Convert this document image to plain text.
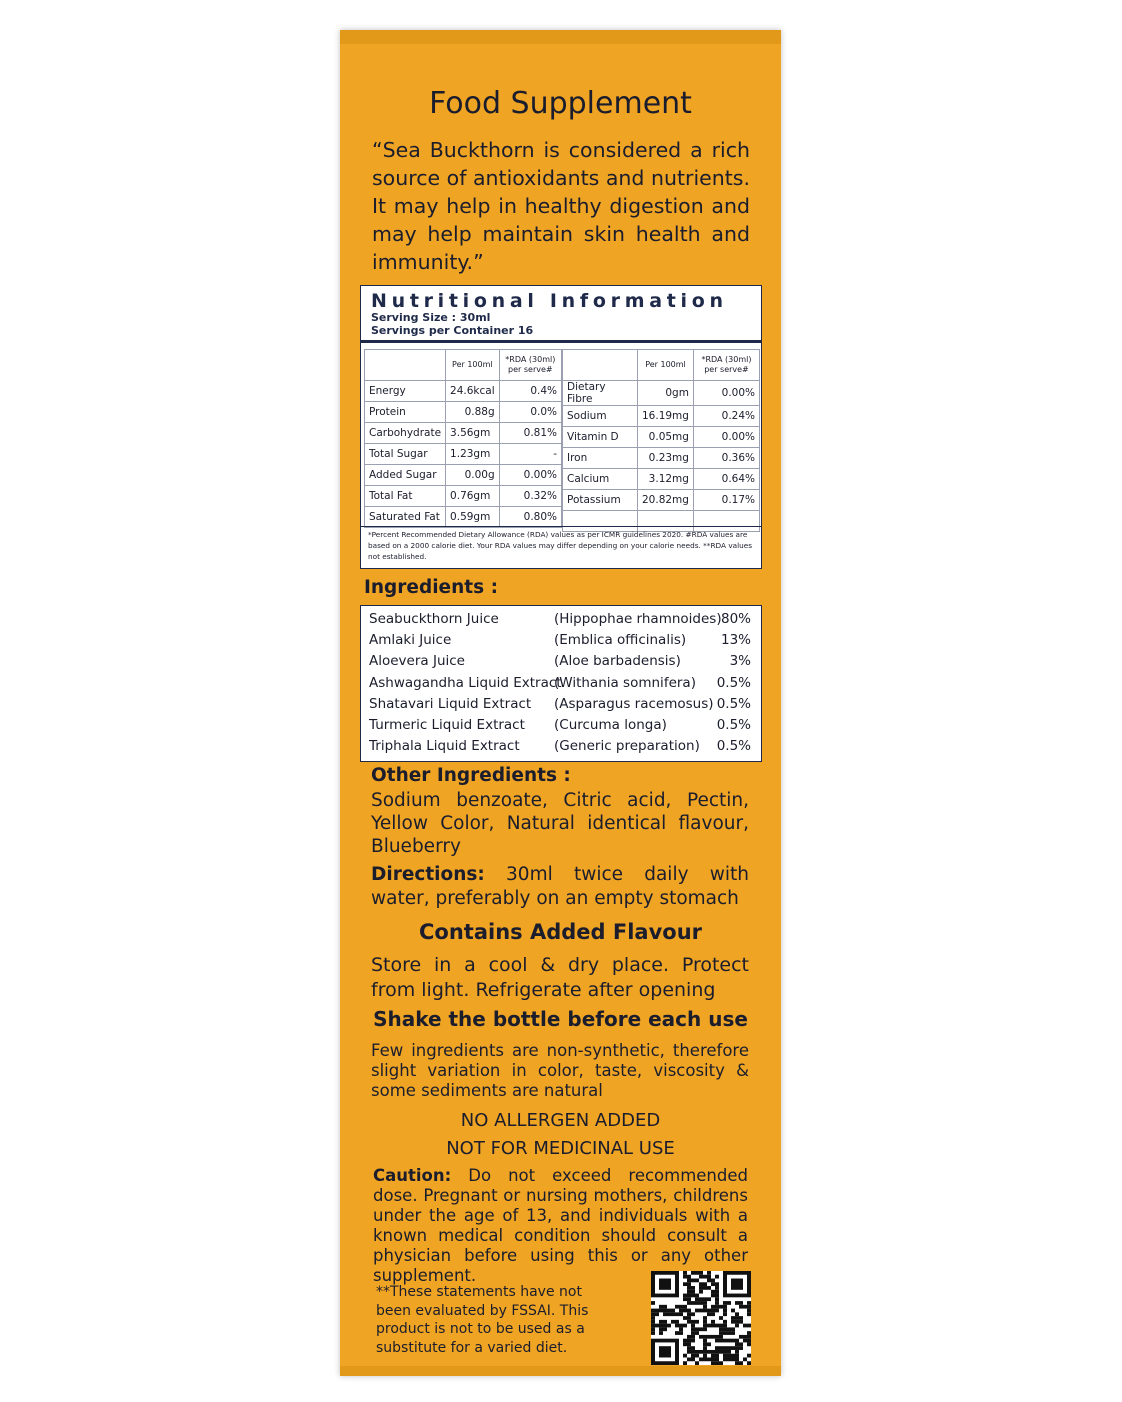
Food Supplement
“Sea Buckthorn is considered a rich source of antioxidants and nutrients. It may help in healthy digestion and may help maintain skin health and immunity.”
Nutritional Information
Serving Size : 30ml
Servings per Container 16
	Per 100ml	*RDA (30ml) per serve#
Energy	24.6kcal	0.4%
Protein	0.88g	0.0%
Carbohydrate	3.56gm	0.81%
Total Sugar	1.23gm	-
Added Sugar	0.00g	0.00%
Total Fat	0.76gm	0.32%
Saturated Fat	0.59gm	0.80%
	Per 100ml	*RDA (30ml) per serve#
Dietary Fibre	0gm	0.00%
Sodium	16.19mg	0.24%
Vitamin D	0.05mg	0.00%
Iron	0.23mg	0.36%
Calcium	3.12mg	0.64%
Potassium	20.82mg	0.17%

*Percent Recommended Dietary Allowance (RDA) values as per ICMR guidelines 2020. #RDA values are based on a 2000 calorie diet. Your RDA values may differ depending on your calorie needs. **RDA values not established.
Ingredients :
Seabuckthorn Juice	(Hippophae rhamnoides) 80%
Amlaki Juice	(Emblica officinalis)	13%
Aloevera Juice	(Aloe barbadensis)	3%
Ashwagandha Liquid Extract
(Withania somnifera) 0.5%
Shatavari Liquid Extract (Asparagus racemosus) 0.5%
Turmeric Liquid Extract (Curcuma longa)	0.5%
Triphala Liquid Extract	(Generic preparation) 0.5%
Other Ingredients :
Sodium benzoate, Citric acid, Pectin, Yellow Color, Natural identical flavour, Blueberry
Directions: 30ml twice daily with water, preferably on an empty stomach
Contains Added Flavour
Store in a cool & dry place. Protect from light. Refrigerate after opening
Shake the bottle before each use
Few ingredients are non-synthetic, therefore slight variation in color, taste, viscosity & some sediments are natural
NO ALLERGEN ADDED
NOT FOR MEDICINAL USE
Caution: Do not exceed recommended dose. Pregnant or nursing mothers, childrens under the age of 13, and individuals with a known medical condition should consult a physician before using this or any other supplement.
**These statements have not been evaluated by FSSAI. This product is not to be used as a substitute for a varied diet.
